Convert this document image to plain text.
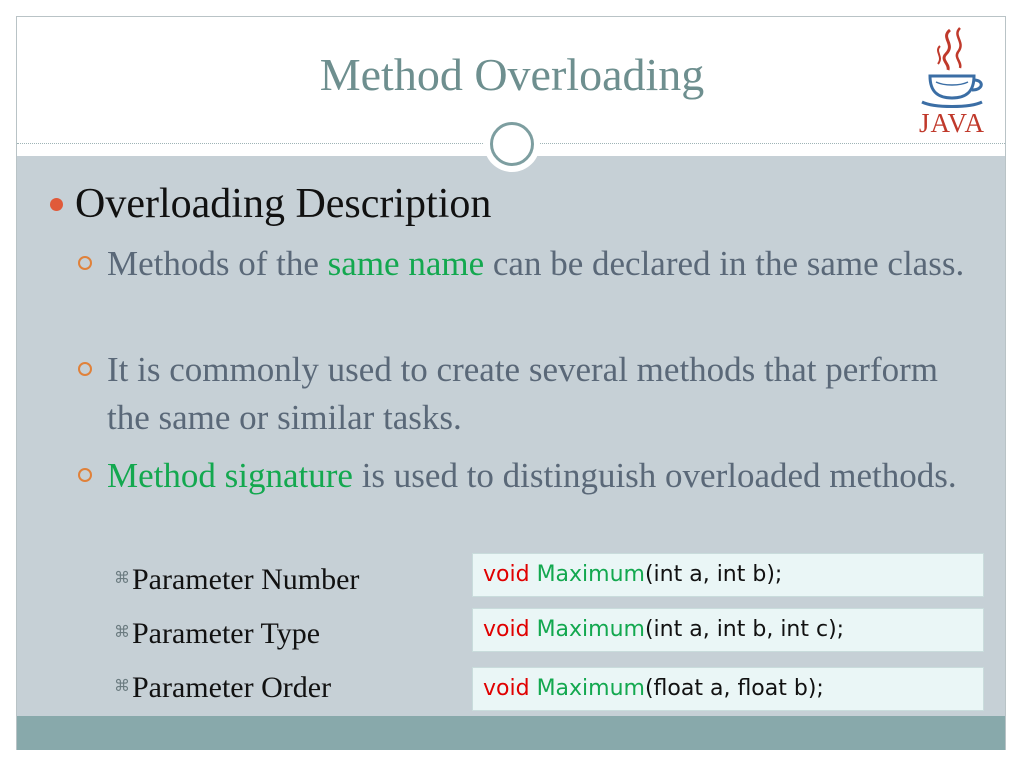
Method Overloading
JAVA
Overloading Description
Methods of the same name can be declared in the same class.
It is commonly used to create several methods that perform the same or similar tasks.
Method signature is used to distinguish overloaded methods.
⌘Parameter Number	void Maximum(int a, int b);
⌘Parameter Type	void Maximum(int a, int b, int c);
⌘Parameter Order	void Maximum(float a, float b);
